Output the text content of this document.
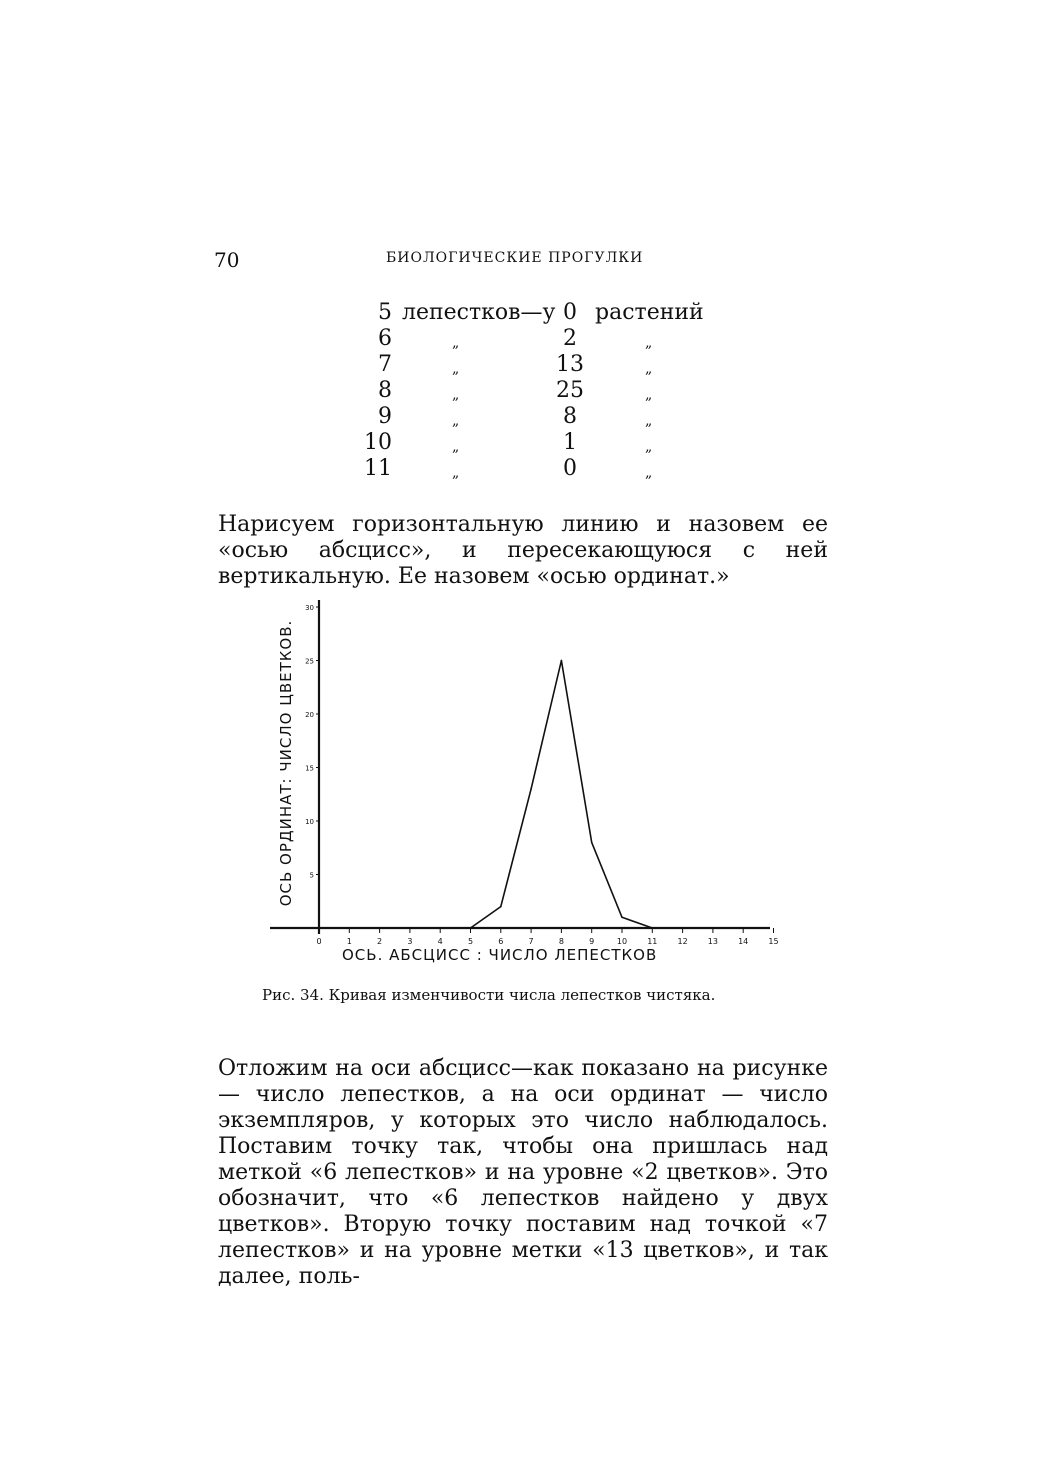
70	БИОЛОГИЧЕСКИЕ ПРОГУЛКИ
5 лепестков—у 0 растений
6	„	2	„
7	„	13	„
8	„	25	„
9	„	8	„
10	„	1	„
11	„	0	„

Нарисуем горизонтальную линию и назовем ее «осью абсцисс», и пересекающуюся с ней вертикальную. Ее назовем «осью ординат.»

0	1	2	3	4	5	6	7	8	9	10	11	12	13	14	15
5
10
15
20
25
30
ОСЬ ОРДИНАТ: ЧИСЛО ЦВЕТКОВ.
ОСЬ. АБСЦИСС : ЧИСЛО ЛЕПЕСТКОВ
Рис. 34. Кривая изменчивости числа лепестков чистяка.

Отложим на оси абсцисс—как показано на рисунке — число лепестков, а на оси ординат — число экземпляров, у которых это число наблюдалось. Поставим точку так, чтобы она пришлась над меткой «6 лепестков» и на уровне «2 цветков». Это обозначит, что «6 лепестков найдено у двух цветков». Вторую точку поставим над точкой «7 лепестков» и на уровне метки «13 цветков», и так далее, поль-
